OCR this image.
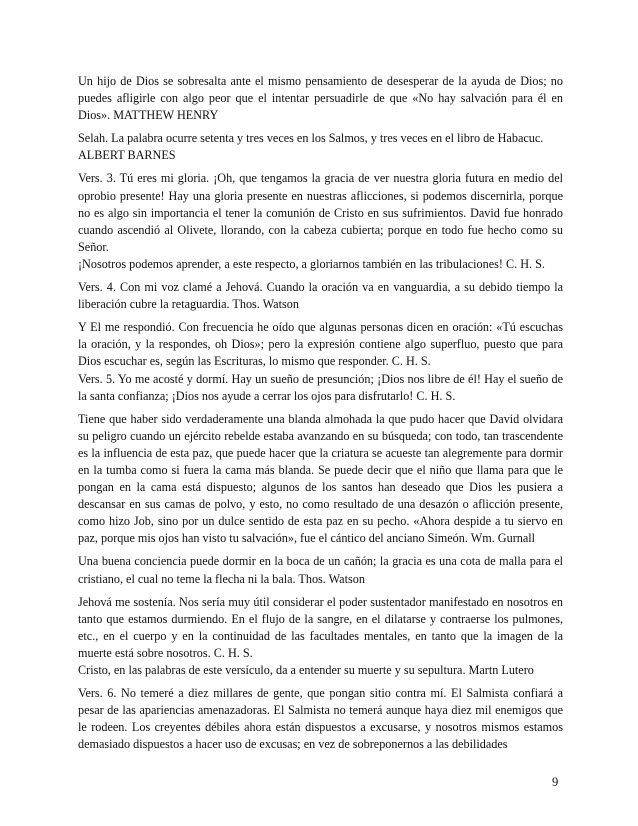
Un hijo de Dios se sobresalta ante el mismo pensamiento de desesperar de la ayuda de Dios; no puedes afligirle con algo peor que el intentar persuadirle de que «No hay salvación para él en Dios». MATTHEW HENRY

Selah. La palabra ocurre setenta y tres veces en los Salmos, y tres veces en el libro de Habacuc.
ALBERT BARNES

Vers. 3. Tú eres mi gloria. ¡Oh, que tengamos la gracia de ver nuestra gloria futura en medio del oprobio presente! Hay una gloria presente en nuestras aflicciones, si podemos discernirla, porque no es algo sin importancia el tener la comunión de Cristo en sus sufrimientos. David fue honrado cuando ascendió al Olivete, llorando, con la cabeza cubierta; porque en todo fue hecho como su Señor.

¡Nosotros podemos aprender, a este respecto, a gloriarnos también en las tribulaciones! C. H. S.

Vers. 4. Con mi voz clamé a Jehová. Cuando la oración va en vanguardia, a su debido tiempo la liberación cubre la retaguardia. Thos. Watson

Y El me respondió. Con frecuencia he oído que algunas personas dicen en oración: «Tú escuchas la oración, y la respondes, oh Dios»; pero la expresión contiene algo superfluo, puesto que para Dios escuchar es, según las Escrituras, lo mismo que responder. C. H. S.

Vers. 5. Yo me acosté y dormí. Hay un sueño de presunción; ¡Dios nos libre de él! Hay el sueño de la santa confianza; ¡Dios nos ayude a cerrar los ojos para disfrutarlo! C. H. S.

Tiene que haber sido verdaderamente una blanda almohada la que pudo hacer que David olvidara su peligro cuando un ejército rebelde estaba avanzando en su búsqueda; con todo, tan trascendente es la influencia de esta paz, que puede hacer que la criatura se acueste tan alegremente para dormir en la tumba como si fuera la cama más blanda. Se puede decir que el niño que llama para que le pongan en la cama está dispuesto; algunos de los santos han deseado que Dios les pusiera a descansar en sus camas de polvo, y esto, no como resultado de una desazón o aflicción presente, como hizo Job, sino por un dulce sentido de esta paz en su pecho. «Ahora despide a tu siervo en paz, porque mis ojos han visto tu salvación», fue el cántico del anciano Simeón. Wm. Gurnall

Una buena conciencia puede dormir en la boca de un cañón; la gracia es una cota de malla para el cristiano, el cual no teme la flecha ni la bala. Thos. Watson

Jehová me sostenía. Nos sería muy útil considerar el poder sustentador manifestado en nosotros en tanto que estamos durmiendo. En el flujo de la sangre, en el dilatarse y contraerse los pulmones, etc., en el cuerpo y en la continuidad de las facultades mentales, en tanto que la imagen de la muerte está sobre nosotros. C. H. S.

Cristo, en las palabras de este versículo, da a entender su muerte y su sepultura. Martn Lutero

Vers. 6. No temeré a diez millares de gente, que pongan sitio contra mí. El Salmista confiará a pesar de las apariencias amenazadoras. El Salmista no temerá aunque haya diez mil enemigos que le rodeen. Los creyentes débiles ahora están dispuestos a excusarse, y nosotros mismos estamos demasiado dispuestos a hacer uso de excusas; en vez de sobreponernos a las debilidades

9
